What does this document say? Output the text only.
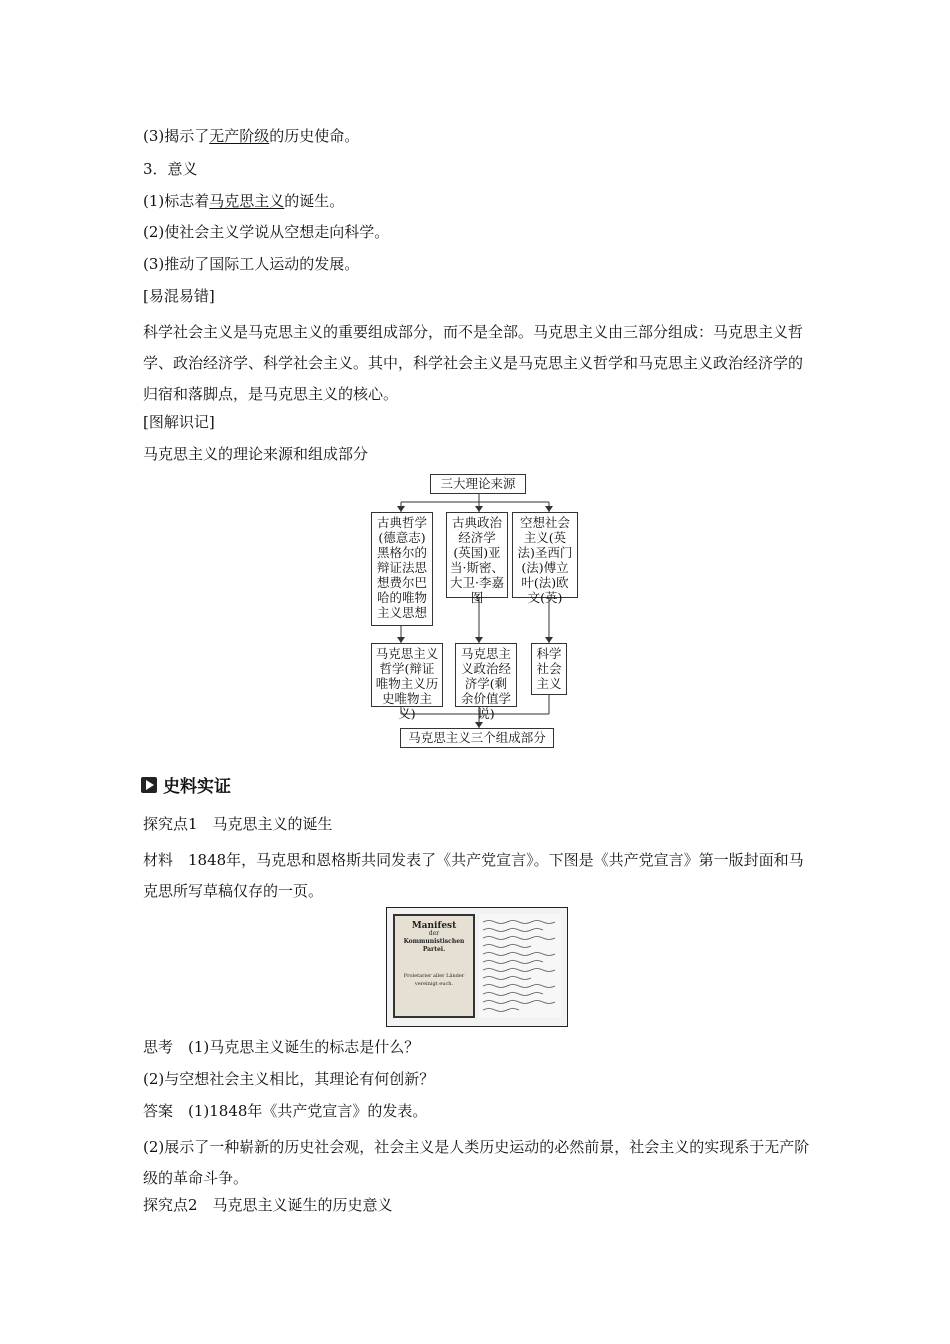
(3)揭示了无产阶级的历史使命。
3．意义
(1)标志着马克思主义的诞生。
(2)使社会主义学说从空想走向科学。
(3)推动了国际工人运动的发展。
[易混易错]
科学社会主义是马克思主义的重要组成部分，而不是全部。马克思主义由三部分组成：马克思主义哲学、政治经济学、科学社会主义。其中，科学社会主义是马克思主义哲学和马克思主义政治经济学的归宿和落脚点，是马克思主义的核心。
[图解识记]
马克思主义的理论来源和组成部分
三大理论来源
古典哲学(德意志)黑格尔的辩证法思想费尔巴哈的唯物主义思想
古典政治经济学(英国)亚当·斯密、大卫·李嘉图
空想社会主义(英法)圣西门(法)傅立叶(法)欧文(英)
马克思主义哲学(辩证唯物主义历史唯物主义)
马克思主义政治经济学(剩余价值学说)
科学社会主义
马克思主义三个组成部分
史料实证
探究点1　马克思主义的诞生
材料　1848年，马克思和恩格斯共同发表了《共产党宣言》。下图是《共产党宣言》第一版封面和马克思所写草稿仅存的一页。
Manifest
der
Kommunistischen Partei.
Proletarier aller Länder vereinigt euch.
思考　(1)马克思主义诞生的标志是什么？
(2)与空想社会主义相比，其理论有何创新？
答案　(1)1848年《共产党宣言》的发表。
(2)展示了一种崭新的历史社会观，社会主义是人类历史运动的必然前景，社会主义的实现系于无产阶级的革命斗争。
探究点2　马克思主义诞生的历史意义
